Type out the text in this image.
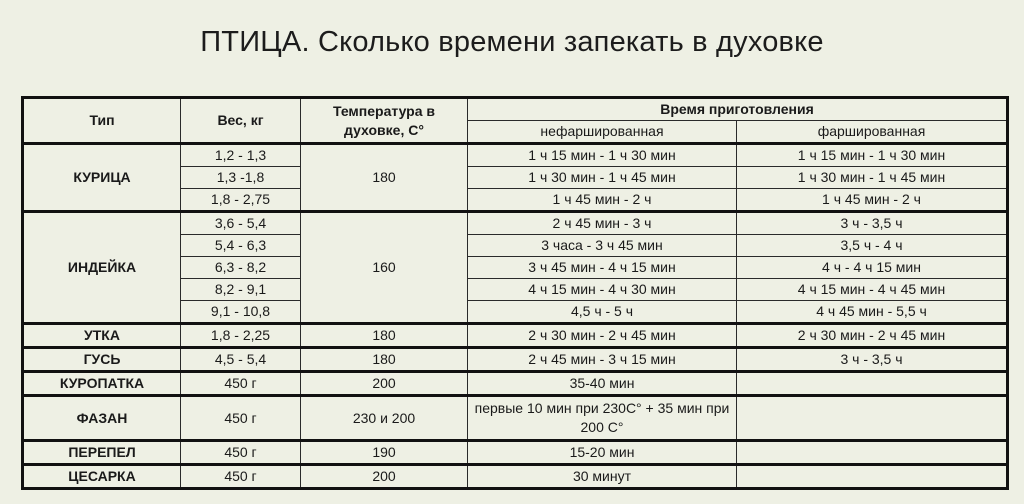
ПТИЦА. Сколько времени запекать в духовке
Тип	Вес, кг	Температура в духовке, С°	Время приготовления	
			нефаршированная	фаршированная
КУРИЦА	1,2 - 1,3	180	1 ч 15 мин - 1 ч 30 мин	1 ч 15 мин - 1 ч 30 мин
	1,3 -1,8		1 ч 30 мин - 1 ч 45 мин	1 ч 30 мин - 1 ч 45 мин
	1,8 - 2,75		1 ч 45 мин - 2 ч	1 ч 45 мин - 2 ч
ИНДЕЙКА	3,6 - 5,4	160	2 ч 45 мин - 3 ч	3 ч - 3,5 ч
	5,4 - 6,3		3 часа - 3 ч 45 мин	3,5 ч - 4 ч
	6,3 - 8,2		3 ч 45 мин - 4 ч 15 мин	4 ч - 4 ч 15 мин
	8,2 - 9,1		4 ч 15 мин - 4 ч 30 мин	4 ч 15 мин - 4 ч 45 мин
	9,1 - 10,8		4,5 ч - 5 ч	4 ч 45 мин - 5,5 ч
УТКА	1,8 - 2,25	180	2 ч 30 мин - 2 ч 45 мин	2 ч 30 мин - 2 ч 45 мин
ГУСЬ	4,5 - 5,4	180	2 ч 45 мин - 3 ч 15 мин	3 ч - 3,5 ч
КУРОПАТКА	450 г	200	35-40 мин	
ФАЗАН	450 г	230 и 200	первые 10 мин при 230С° + 35 мин при 200 С°	
ПЕРЕПЕЛ	450 г	190	15-20 мин	
ЦЕСАРКА	450 г	200	30 минут	
